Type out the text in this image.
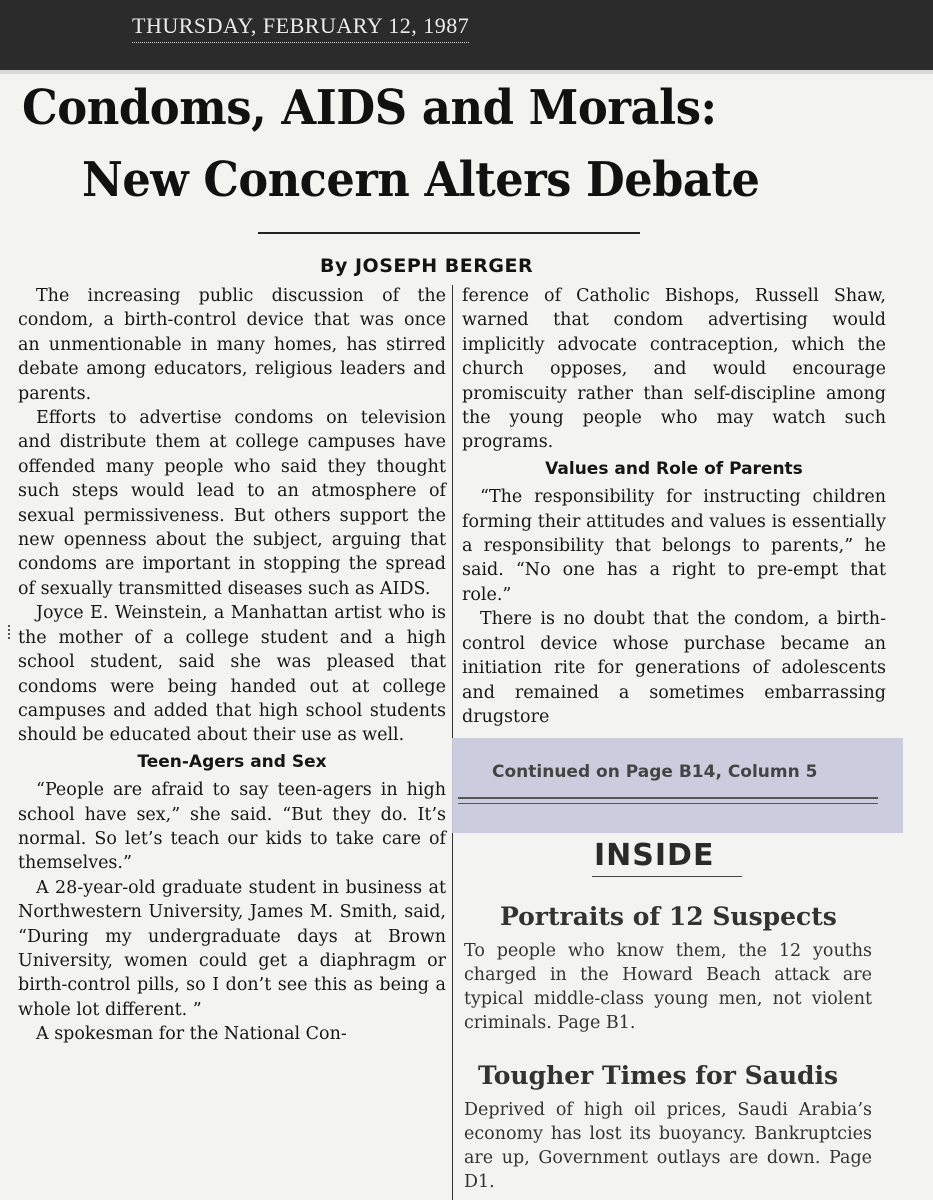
THURSDAY, FEBRUARY 12, 1987
Condoms, AIDS and Morals:
New Concern Alters Debate
By JOSEPH BERGER

The increasing public discussion of the condom, a birth-control device that was once an unmentionable in many homes, has stirred debate among educators, religious leaders and parents.

Efforts to advertise condoms on television and distribute them at college campuses have offended many people who said they thought such steps would lead to an atmosphere of sexual permissiveness. But others support the new openness about the subject, arguing that condoms are important in stopping the spread of sexually transmitted diseases such as AIDS.

Joyce E. Weinstein, a Manhattan artist who is the mother of a college student and a high school student, said she was pleased that condoms were being handed out at college campuses and added that high school students should be educated about their use as well.

Teen-Agers and Sex

“People are afraid to say teen-agers in high school have sex,” she said. “But they do. It’s normal. So let’s teach our kids to take care of themselves.”

A 28-year-old graduate student in business at Northwestern University, James M. Smith, said, “During my undergraduate days at Brown University, women could get a diaphragm or birth-control pills, so I don’t see this as being a whole lot different. ”

A spokesman for the National Con-

ference of Catholic Bishops, Russell Shaw, warned that condom advertising would implicitly advocate contraception, which the church opposes, and would encourage promiscuity rather than self-discipline among the young people who may watch such programs.

Values and Role of Parents

“The responsibility for instructing children forming their attitudes and values is essentially a responsibility that belongs to parents,” he said. “No one has a right to pre-empt that role.”

There is no doubt that the condom, a birth-control device whose purchase became an initiation rite for generations of adolescents and remained a sometimes embarrassing drugstore

Continued on Page B14, Column 5
INSIDE
Portraits of 12 Suspects

To people who know them, the 12 youths charged in the Howard Beach attack are typical middle-class young men, not violent criminals. Page B1.

Tougher Times for Saudis

Deprived of high oil prices, Saudi Arabia’s economy has lost its buoyancy. Bankruptcies are up, Government outlays are down. Page D1.
